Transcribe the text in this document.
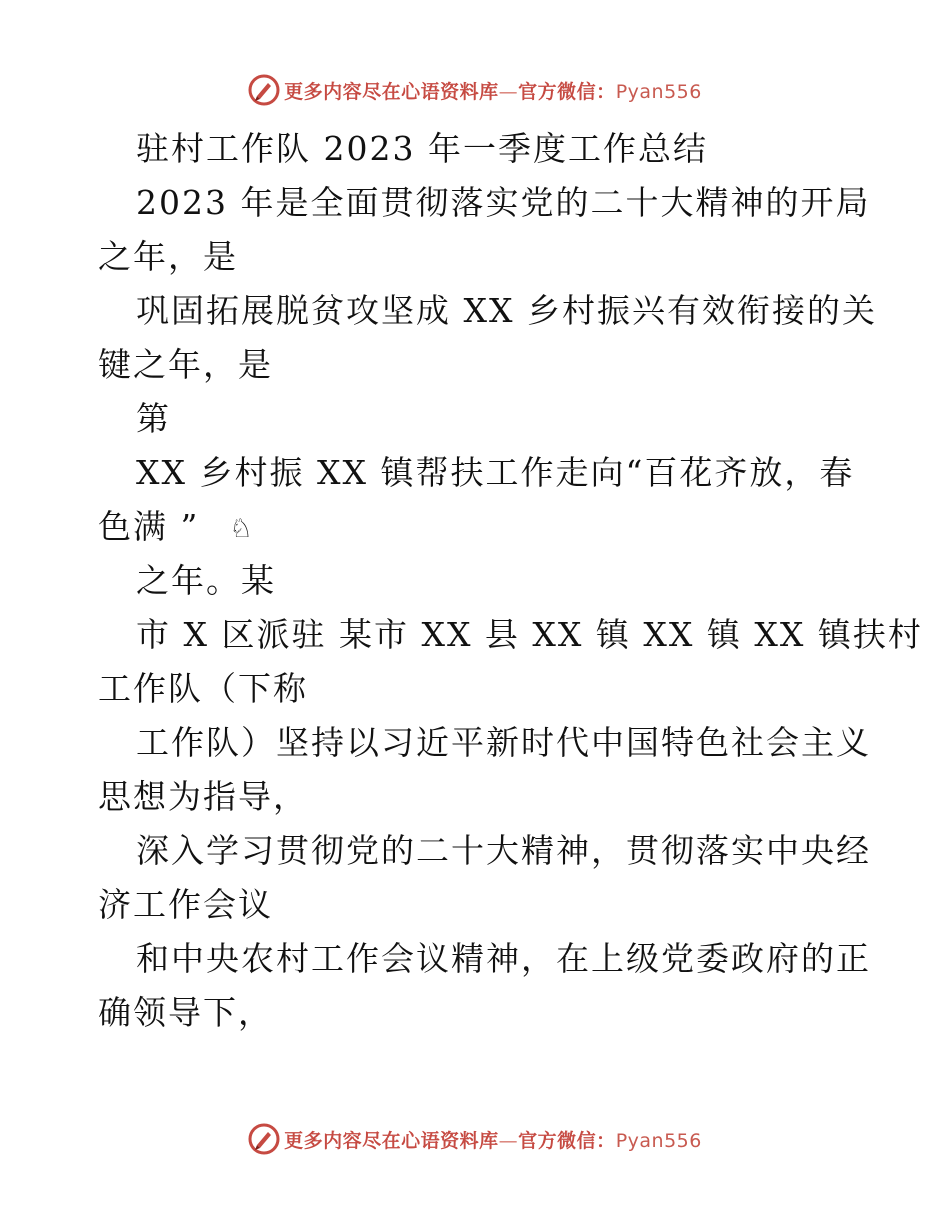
更多内容尽在心语资料库—官方微信：Pyan556
驻村工作队 2023 年一季度工作总结
2023 年是全面贯彻落实党的二十大精神的开局
之年，是
巩固拓展脱贫攻坚成 XX 乡村振兴有效衔接的关
键之年，是
第
XX 乡村振 XX 镇帮扶工作走向“百花齐放，春
色满 ” ♘
之年。某
市 X 区派驻 某市 XX 县 XX 镇 XX 镇 XX 镇扶村
工作队（下称
工作队）坚持以习近平新时代中国特色社会主义
思想为指导，
深入学习贯彻党的二十大精神，贯彻落实中央经
济工作会议
和中央农村工作会议精神，在上级党委政府的正
确领导下，
更多内容尽在心语资料库—官方微信：Pyan556
